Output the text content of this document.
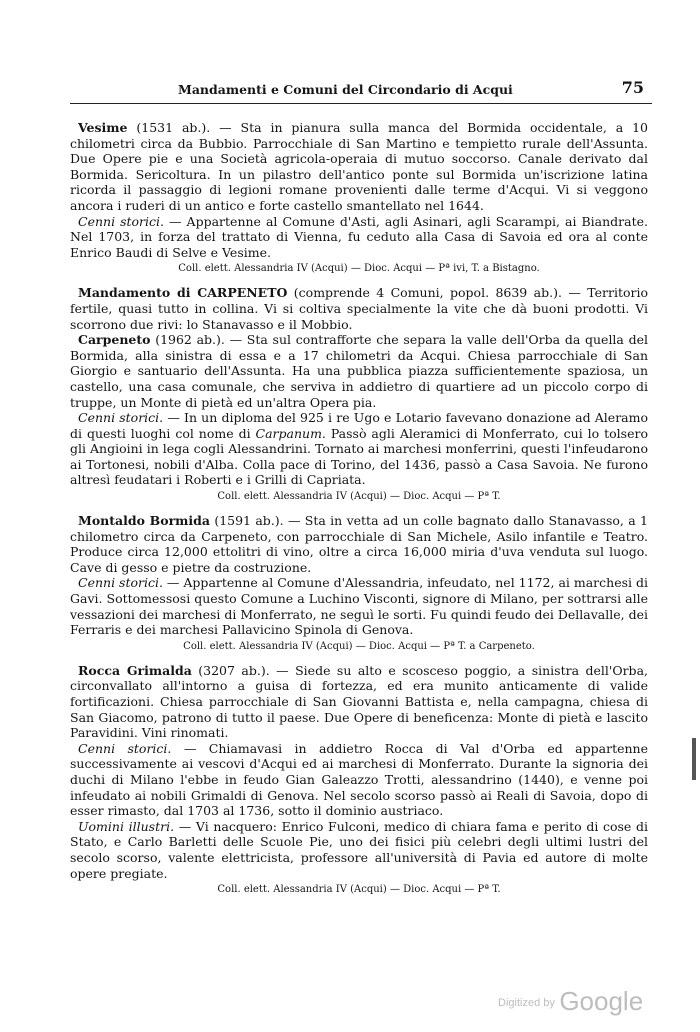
Mandamenti e Comuni del Circondario di Acqui	75

Vesime (1531 ab.). — Sta in pianura sulla manca del Bormida occidentale, a 10 chilometri circa da Bubbio. Parrocchiale di San Martino e tempietto rurale dell'Assunta. Due Opere pie e una Società agricola-operaia di mutuo soccorso. Canale derivato dal Bormida. Sericoltura. In un pilastro dell'antico ponte sul Bormida un'iscrizione latina ricorda il passaggio di legioni romane provenienti dalle terme d'Acqui. Vi si veggono ancora i ruderi di un antico e forte castello smantellato nel 1644.

Cenni storici. — Appartenne al Comune d'Asti, agli Asinari, agli Scarampi, ai Biandrate. Nel 1703, in forza del trattato di Vienna, fu ceduto alla Casa di Savoia ed ora al conte Enrico Baudi di Selve e Vesime.

Coll. elett. Alessandria IV (Acqui) — Dioc. Acqui — Pª ivi, T. a Bistagno.

Mandamento di CARPENETO (comprende 4 Comuni, popol. 8639 ab.). — Territorio fertile, quasi tutto in collina. Vi si coltiva specialmente la vite che dà buoni prodotti. Vi scorrono due rivi: lo Stanavasso e il Mobbio.

Carpeneto (1962 ab.). — Sta sul contrafforte che separa la valle dell'Orba da quella del Bormida, alla sinistra di essa e a 17 chilometri da Acqui. Chiesa parrocchiale di San Giorgio e santuario dell'Assunta. Ha una pubblica piazza sufficientemente spaziosa, un castello, una casa comunale, che serviva in addietro di quartiere ad un piccolo corpo di truppe, un Monte di pietà ed un'altra Opera pia.

Cenni storici. — In un diploma del 925 i re Ugo e Lotario favevano donazione ad Aleramo di questi luoghi col nome di Carpanum. Passò agli Aleramici di Monferrato, cui lo tolsero gli Angioini in lega cogli Alessandrini. Tornato ai marchesi monferrini, questi l'infeudarono ai Tortonesi, nobili d'Alba. Colla pace di Torino, del 1436, passò a Casa Savoia. Ne furono altresì feudatari i Roberti e i Grilli di Capriata.

Coll. elett. Alessandria IV (Acqui) — Dioc. Acqui — Pª T.

Montaldo Bormida (1591 ab.). — Sta in vetta ad un colle bagnato dallo Stanavasso, a 1 chilometro circa da Carpeneto, con parrocchiale di San Michele, Asilo infantile e Teatro. Produce circa 12,000 ettolitri di vino, oltre a circa 16,000 miria d'uva venduta sul luogo. Cave di gesso e pietre da costruzione.

Cenni storici. — Appartenne al Comune d'Alessandria, infeudato, nel 1172, ai marchesi di Gavi. Sottomessosi questo Comune a Luchino Visconti, signore di Milano, per sottrarsi alle vessazioni dei marchesi di Monferrato, ne seguì le sorti. Fu quindi feudo dei Dellavalle, dei Ferraris e dei marchesi Pallavicino Spinola di Genova.

Coll. elett. Alessandria IV (Acqui) — Dioc. Acqui — Pª T. a Carpeneto.

Rocca Grimalda (3207 ab.). — Siede su alto e scosceso poggio, a sinistra dell'Orba, circonvallato all'intorno a guisa di fortezza, ed era munito anticamente di valide fortificazioni. Chiesa parrocchiale di San Giovanni Battista e, nella campagna, chiesa di San Giacomo, patrono di tutto il paese. Due Opere di beneficenza: Monte di pietà e lascito Paravidini. Vini rinomati.

Cenni storici. — Chiamavasi in addietro Rocca di Val d'Orba ed appartenne successivamente ai vescovi d'Acqui ed ai marchesi di Monferrato. Durante la signoria dei duchi di Milano l'ebbe in feudo Gian Galeazzo Trotti, alessandrino (1440), e venne poi infeudato ai nobili Grimaldi di Genova. Nel secolo scorso passò ai Reali di Savoia, dopo di esser rimasto, dal 1703 al 1736, sotto il dominio austriaco.

Uomini illustri. — Vi nacquero: Enrico Fulconi, medico di chiara fama e perito di cose di Stato, e Carlo Barletti delle Scuole Pie, uno dei fisici più celebri degli ultimi lustri del secolo scorso, valente elettricista, professore all'università di Pavia ed autore di molte opere pregiate.

Coll. elett. Alessandria IV (Acqui) — Dioc. Acqui — Pª T.

$^{Digitized by}$ Google
